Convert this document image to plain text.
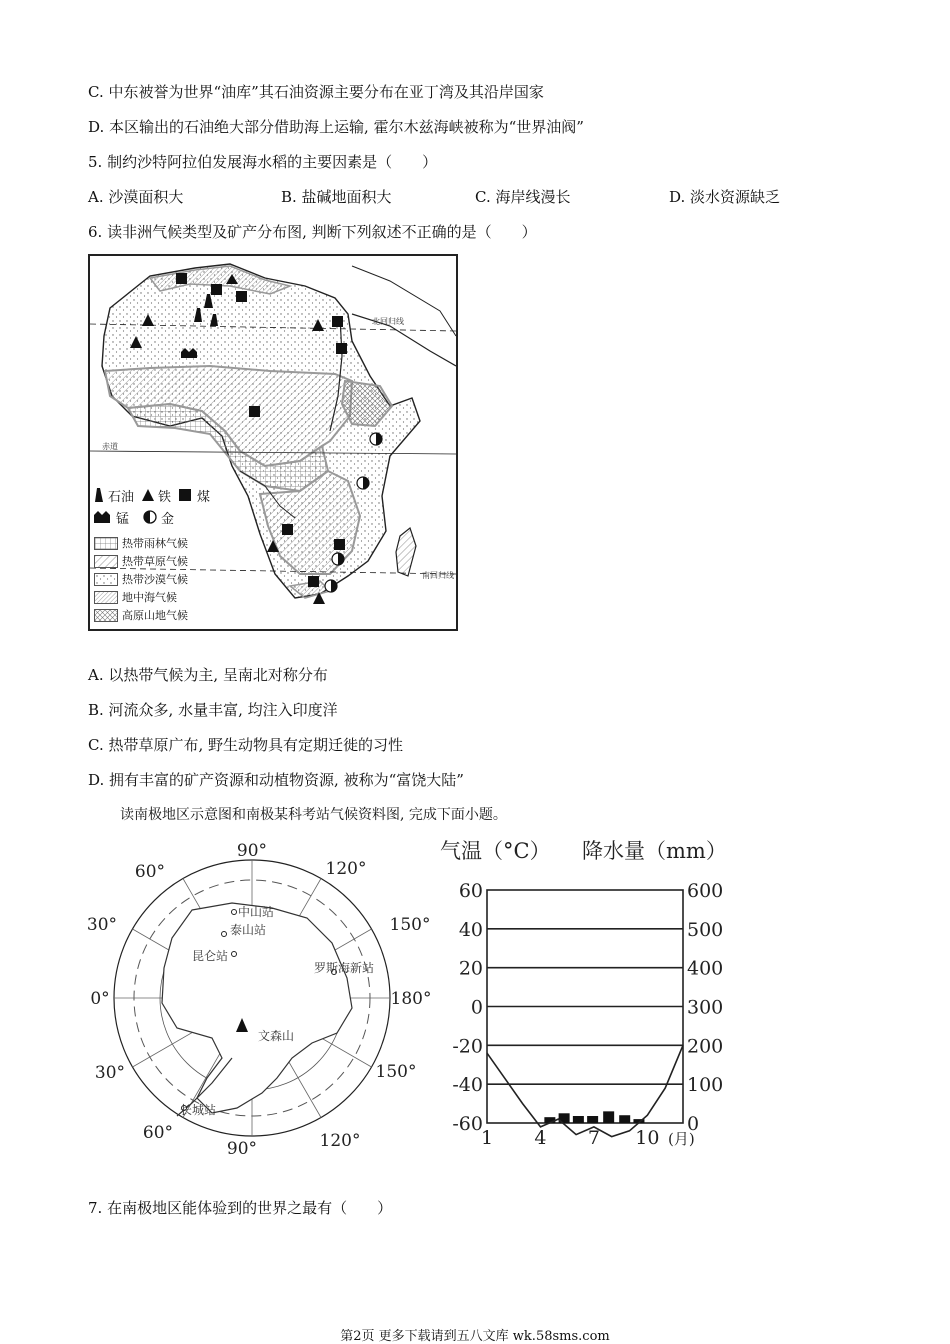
C. 中东被誉为世界“油库”其石油资源主要分布在亚丁湾及其沿岸国家
D. 本区输出的石油绝大部分借助海上运输, 霍尔木兹海峡被称为“世界油阀”
5. 制约沙特阿拉伯发展海水稻的主要因素是（　　）
A. 沙漠面积大	B. 盐碱地面积大	C. 海岸线漫长	D. 淡水资源缺乏
6. 读非洲气候类型及矿产分布图, 判断下列叙述不正确的是（　　）
北回归线
赤道
南回归线
石油 铁 煤
锰 金
热带雨林气候
热带草原气候
热带沙漠气候
地中海气候
高原山地气候
A. 以热带气候为主, 呈南北对称分布
B. 河流众多, 水量丰富, 均注入印度洋
C. 热带草原广布, 野生动物具有定期迁徙的习性
D. 拥有丰富的矿产资源和动植物资源, 被称为“富饶大陆”
读南极地区示意图和南极某科考站气候资料图, 完成下面小题。
90°
120°
150°
180°
150°
120°
90°
60°
30°
0°
30°
60°
中山站
泰山站
昆仑站
罗斯海新站
文森山
长城站
气温（°C） 降水量（mm）
60
40
20
0
-20
-40
-60
600
500
400
300
200
100
0
1 4 7 10 (月)
7. 在南极地区能体验到的世界之最有（　　）
第2页 更多下载请到五八文库 wk.58sms.com
